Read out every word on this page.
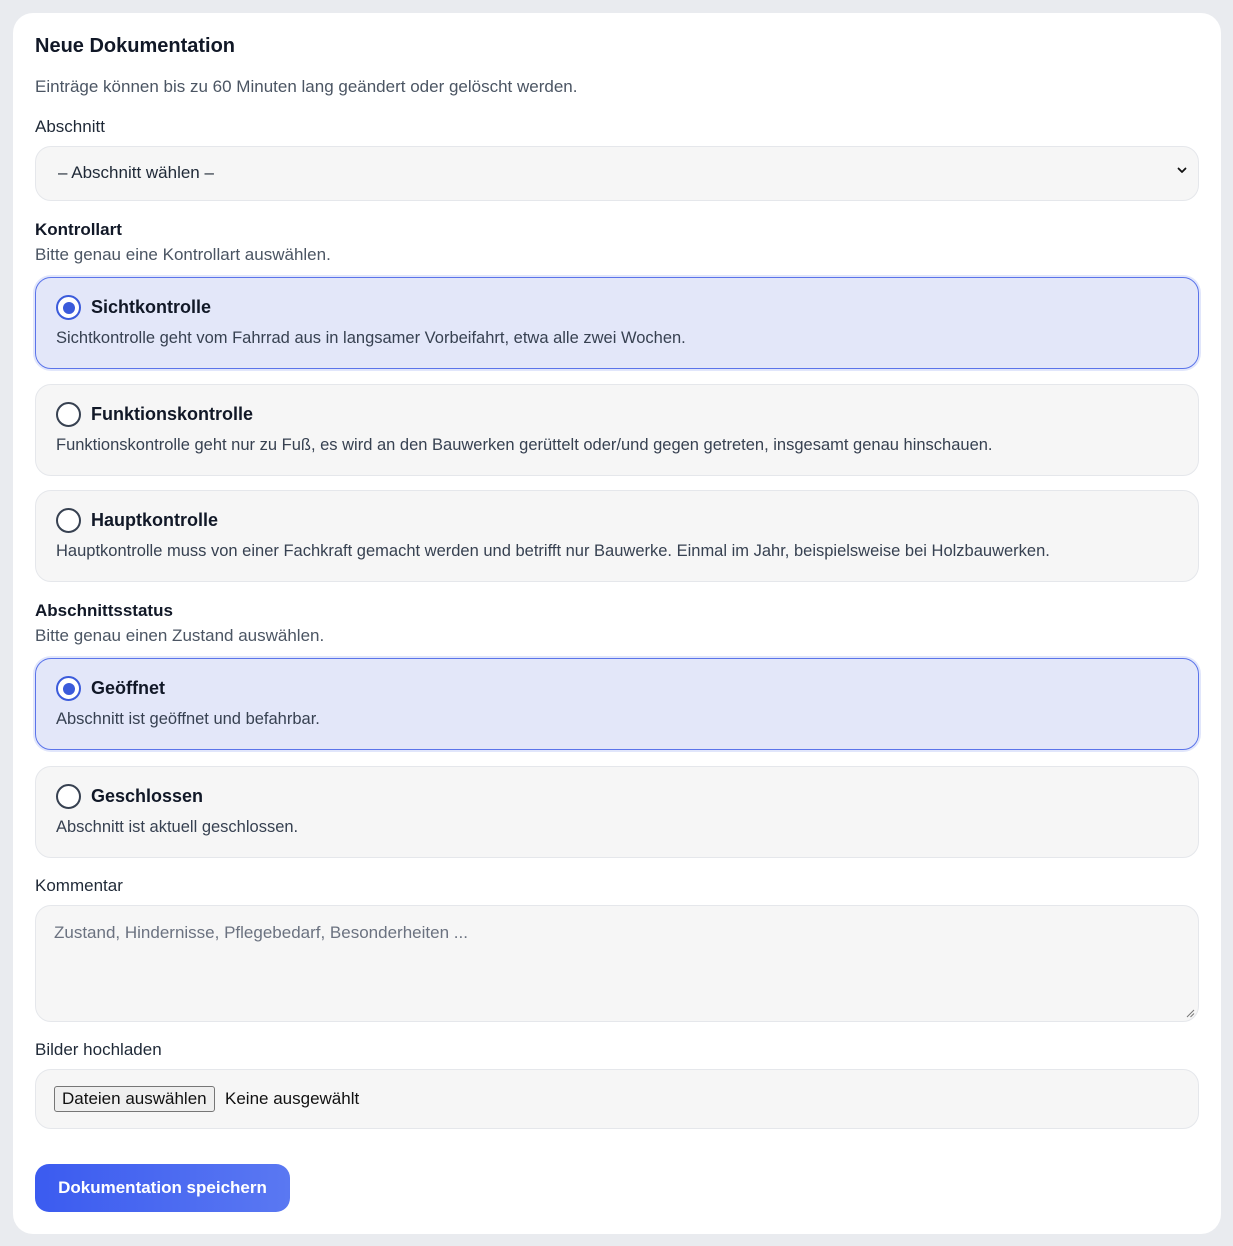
Neue Dokumentation
Einträge können bis zu 60 Minuten lang geändert oder gelöscht werden.
Abschnitt
– Abschnitt wählen –
Kontrollart
Bitte genau eine Kontrollart auswählen.
Sichtkontrolle
Sichtkontrolle geht vom Fahrrad aus in langsamer Vorbeifahrt, etwa alle zwei Wochen.
Funktionskontrolle
Funktionskontrolle geht nur zu Fuß, es wird an den Bauwerken gerüttelt oder/und gegen getreten, insgesamt genau hinschauen.
Hauptkontrolle
Hauptkontrolle muss von einer Fachkraft gemacht werden und betrifft nur Bauwerke. Einmal im Jahr, beispielsweise bei Holzbauwerken.
Abschnittsstatus
Bitte genau einen Zustand auswählen.
Geöffnet
Abschnitt ist geöffnet und befahrbar.
Geschlossen
Abschnitt ist aktuell geschlossen.
Kommentar
Zustand, Hindernisse, Pflegebedarf, Besonderheiten ...
Bilder hochladen
Dateien auswählen	Keine ausgewählt
Dokumentation speichern
